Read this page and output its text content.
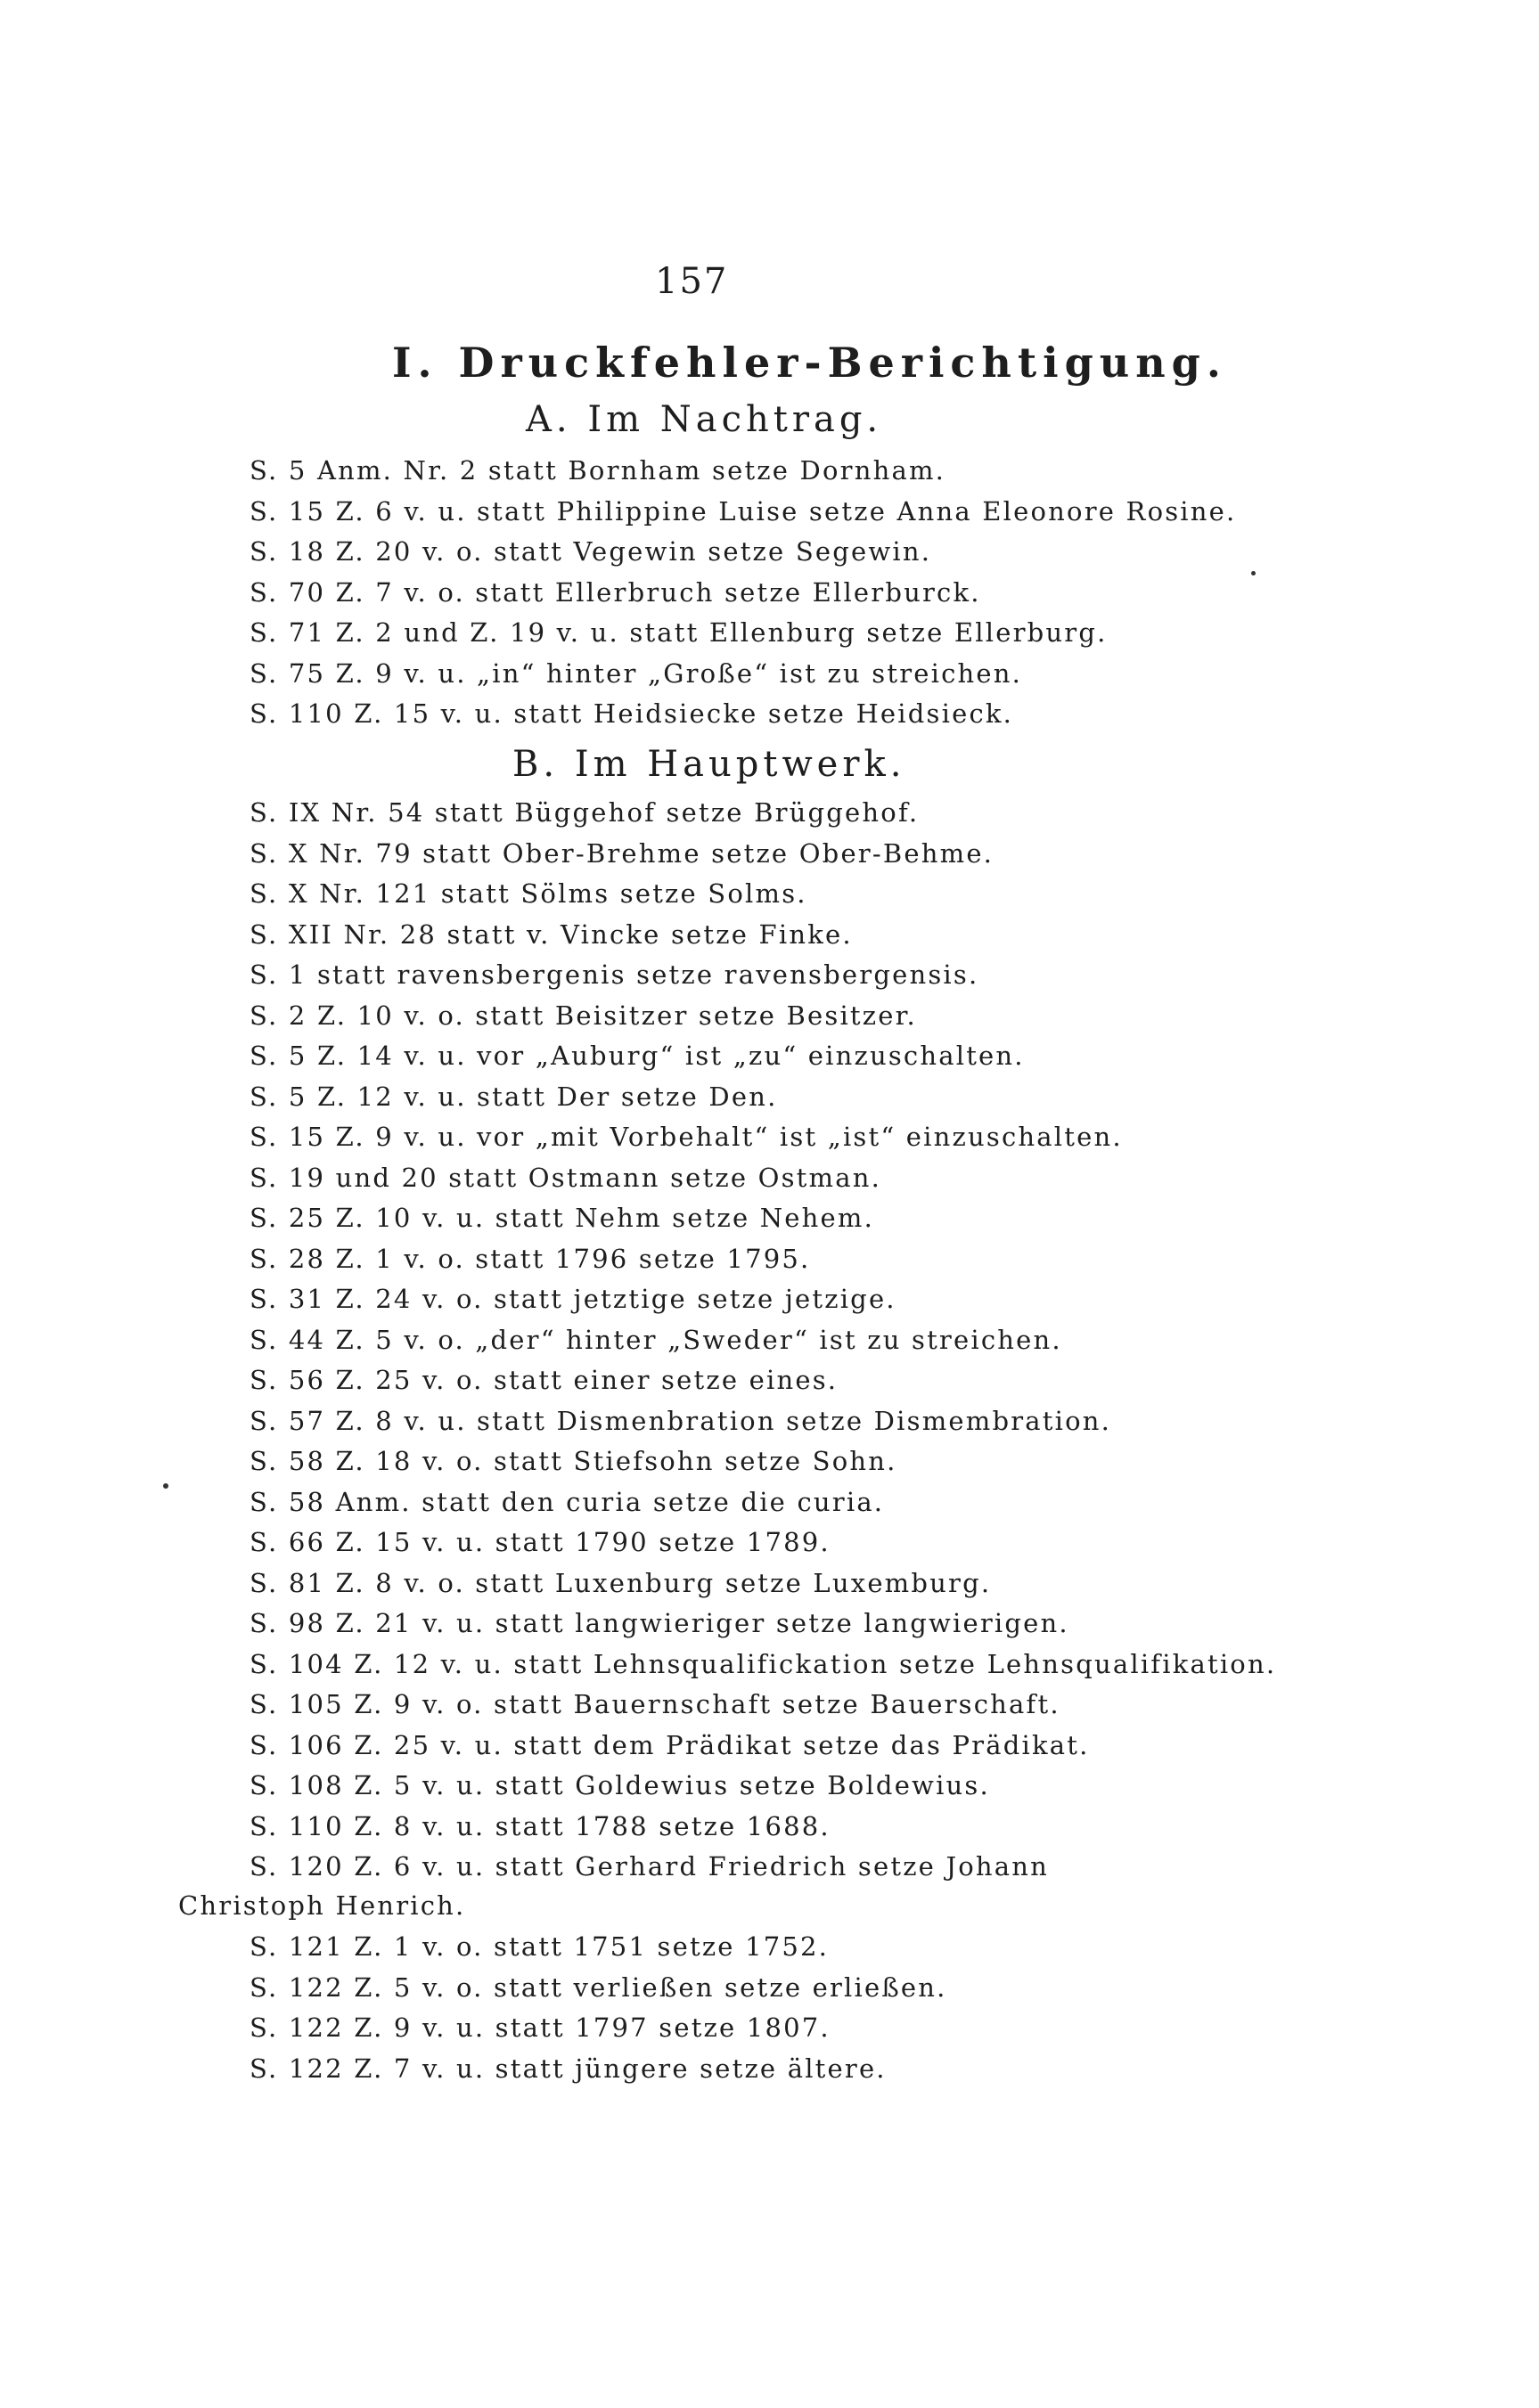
157
I. Druckfehler-Berichtigung.
A. Im Nachtrag.
S. 5 Anm. Nr. 2 statt Bornham setze Dornham.
S. 15 Z. 6 v. u. statt Philippine Luise setze Anna Eleonore Rosine.
S. 18 Z. 20 v. o. statt Vegewin setze Segewin.
S. 70 Z. 7 v. o. statt Ellerbruch setze Ellerburck.
S. 71 Z. 2 und Z. 19 v. u. statt Ellenburg setze Ellerburg.
S. 75 Z. 9 v. u. „in“ hinter „Große“ ist zu streichen.
S. 110 Z. 15 v. u. statt Heidsiecke setze Heidsieck.
B. Im Hauptwerk.
S. IX Nr. 54 statt Büggehof setze Brüggehof.
S. X Nr. 79 statt Ober-Brehme setze Ober-Behme.
S. X Nr. 121 statt Sölms setze Solms.
S. XII Nr. 28 statt v. Vincke setze Finke.
S. 1 statt ravensbergenis setze ravensbergensis.
S. 2 Z. 10 v. o. statt Beisitzer setze Besitzer.
S. 5 Z. 14 v. u. vor „Auburg“ ist „zu“ einzuschalten.
S. 5 Z. 12 v. u. statt Der setze Den.
S. 15 Z. 9 v. u. vor „mit Vorbehalt“ ist „ist“ einzuschalten.
S. 19 und 20 statt Ostmann setze Ostman.
S. 25 Z. 10 v. u. statt Nehm setze Nehem.
S. 28 Z. 1 v. o. statt 1796 setze 1795.
S. 31 Z. 24 v. o. statt jetztige setze jetzige.
S. 44 Z. 5 v. o. „der“ hinter „Sweder“ ist zu streichen.
S. 56 Z. 25 v. o. statt einer setze eines.
S. 57 Z. 8 v. u. statt Dismenbration setze Dismembration.
S. 58 Z. 18 v. o. statt Stiefsohn setze Sohn.
S. 58 Anm. statt den curia setze die curia.
S. 66 Z. 15 v. u. statt 1790 setze 1789.
S. 81 Z. 8 v. o. statt Luxenburg setze Luxemburg.
S. 98 Z. 21 v. u. statt langwieriger setze langwierigen.
S. 104 Z. 12 v. u. statt Lehnsqualifickation setze Lehnsqualifikation.
S. 105 Z. 9 v. o. statt Bauernschaft setze Bauerschaft.
S. 106 Z. 25 v. u. statt dem Prädikat setze das Prädikat.
S. 108 Z. 5 v. u. statt Goldewius setze Boldewius.
S. 110 Z. 8 v. u. statt 1788 setze 1688.
S. 120 Z. 6 v. u. statt Gerhard Friedrich setze Johann Christoph Henrich.
S. 121 Z. 1 v. o. statt 1751 setze 1752.
S. 122 Z. 5 v. o. statt verließen setze erließen.
S. 122 Z. 9 v. u. statt 1797 setze 1807.
S. 122 Z. 7 v. u. statt jüngere setze ältere.
